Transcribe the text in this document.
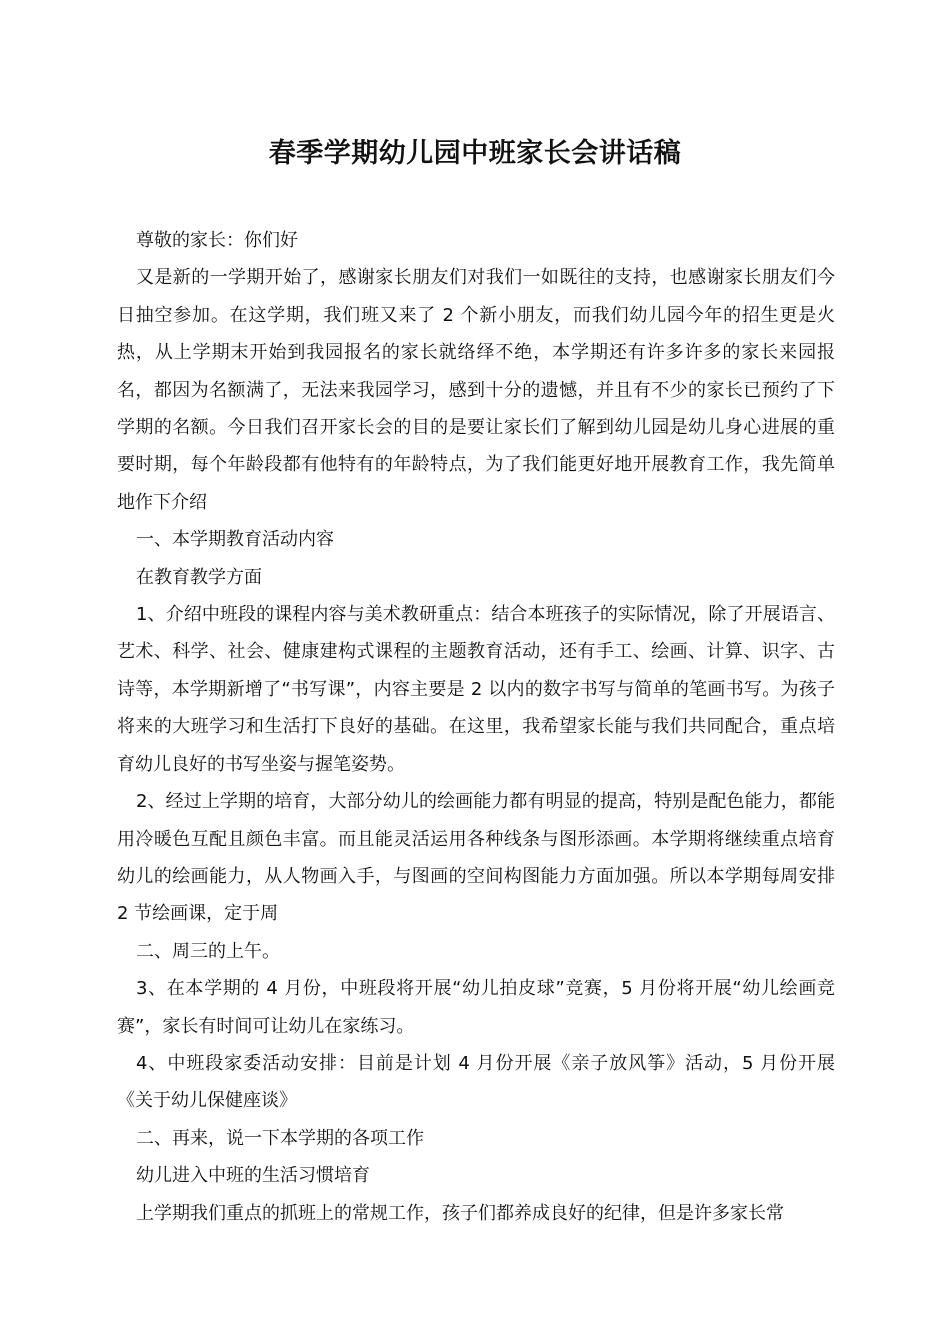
春季学期幼儿园中班家长会讲话稿

尊敬的家长：你们好

又是新的一学期开始了，感谢家长朋友们对我们一如既往的支持，也感谢家长朋友们今日抽空参加。在这学期，我们班又来了 2 个新小朋友，而我们幼儿园今年的招生更是火热，从上学期末开始到我园报名的家长就络绎不绝，本学期还有许多许多的家长来园报名，都因为名额满了，无法来我园学习，感到十分的遗憾，并且有不少的家长已预约了下学期的名额。今日我们召开家长会的目的是要让家长们了解到幼儿园是幼儿身心进展的重要时期，每个年龄段都有他特有的年龄特点，为了我们能更好地开展教育工作，我先简单地作下介绍

一、本学期教育活动内容

在教育教学方面

1、介绍中班段的课程内容与美术教研重点：结合本班孩子的实际情况，除了开展语言、艺术、科学、社会、健康建构式课程的主题教育活动，还有手工、绘画、计算、识字、古诗等，本学期新增了“书写课”，内容主要是 2 以内的数字书写与简单的笔画书写。为孩子将来的大班学习和生活打下良好的基础。在这里，我希望家长能与我们共同配合，重点培育幼儿良好的书写坐姿与握笔姿势。

2、经过上学期的培育，大部分幼儿的绘画能力都有明显的提高，特别是配色能力，都能用冷暖色互配且颜色丰富。而且能灵活运用各种线条与图形添画。本学期将继续重点培育幼儿的绘画能力，从人物画入手，与图画的空间构图能力方面加强。所以本学期每周安排 2 节绘画课，定于周

二、周三的上午。

3、在本学期的 4 月份，中班段将开展“幼儿拍皮球”竞赛，5 月份将开展“幼儿绘画竞赛”，家长有时间可让幼儿在家练习。

4、中班段家委活动安排：目前是计划 4 月份开展《亲子放风筝》活动，5 月份开展《关于幼儿保健座谈》

二、再来，说一下本学期的各项工作

幼儿进入中班的生活习惯培育

上学期我们重点的抓班上的常规工作，孩子们都养成良好的纪律，但是许多家长常
